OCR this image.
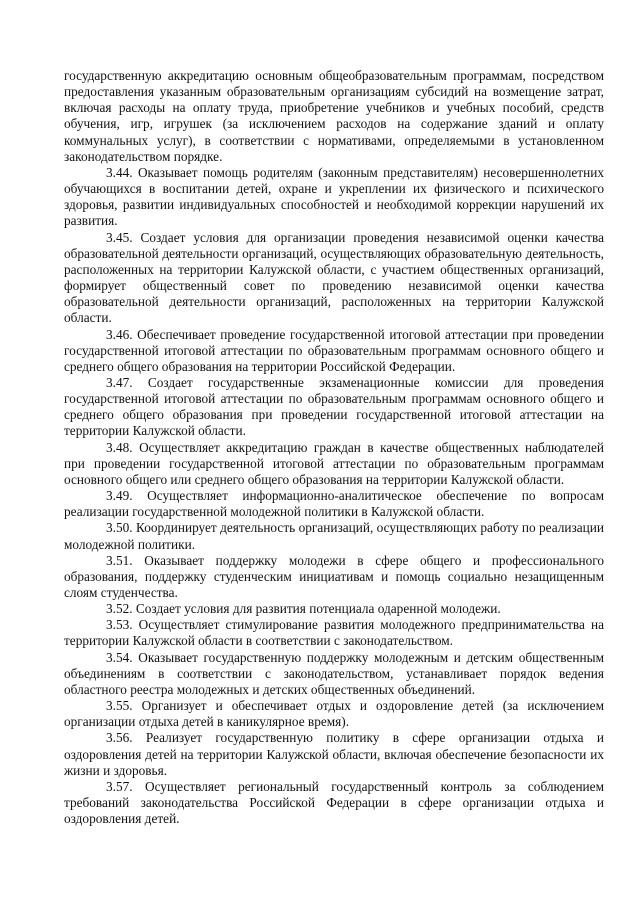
государственную аккредитацию основным общеобразовательным программам, посредством предоставления указанным образовательным организациям субсидий на возмещение затрат, включая расходы на оплату труда, приобретение учебников и учебных пособий, средств обучения, игр, игрушек (за исключением расходов на содержание зданий и оплату коммунальных услуг), в соответствии с нормативами, определяемыми в установленном законодательством порядке.

3.44. Оказывает помощь родителям (законным представителям) несовершеннолетних обучающихся в воспитании детей, охране и укреплении их физического и психического здоровья, развитии индивидуальных способностей и необходимой коррекции нарушений их развития.

3.45. Создает условия для организации проведения независимой оценки качества образовательной деятельности организаций, осуществляющих образовательную деятельность, расположенных на территории Калужской области, с участием общественных организаций, формирует общественный совет по проведению независимой оценки качества образовательной деятельности организаций, расположенных на территории Калужской области.

3.46. Обеспечивает проведение государственной итоговой аттестации при проведении государственной итоговой аттестации по образовательным программам основного общего и среднего общего образования на территории Российской Федерации.

3.47. Создает государственные экзаменационные комиссии для проведения государственной итоговой аттестации по образовательным программам основного общего и среднего общего образования при проведении государственной итоговой аттестации на территории Калужской области.

3.48. Осуществляет аккредитацию граждан в качестве общественных наблюдателей при проведении государственной итоговой аттестации по образовательным программам основного общего или среднего общего образования на территории Калужской области.

3.49. Осуществляет информационно-аналитическое обеспечение по вопросам реализации государственной молодежной политики в Калужской области.

3.50. Координирует деятельность организаций, осуществляющих работу по реализации молодежной политики.

3.51. Оказывает поддержку молодежи в сфере общего и профессионального образования, поддержку студенческим инициативам и помощь социально незащищенным слоям студенчества.

3.52. Создает условия для развития потенциала одаренной молодежи.

3.53. Осуществляет стимулирование развития молодежного предпринимательства на территории Калужской области в соответствии с законодательством.

3.54. Оказывает государственную поддержку молодежным и детским общественным объединениям в соответствии с законодательством, устанавливает порядок ведения областного реестра молодежных и детских общественных объединений.

3.55. Организует и обеспечивает отдых и оздоровление детей (за исключением организации отдыха детей в каникулярное время).

3.56. Реализует государственную политику в сфере организации отдыха и оздоровления детей на территории Калужской области, включая обеспечение безопасности их жизни и здоровья.

3.57. Осуществляет региональный государственный контроль за соблюдением требований законодательства Российской Федерации в сфере организации отдыха и оздоровления детей.
